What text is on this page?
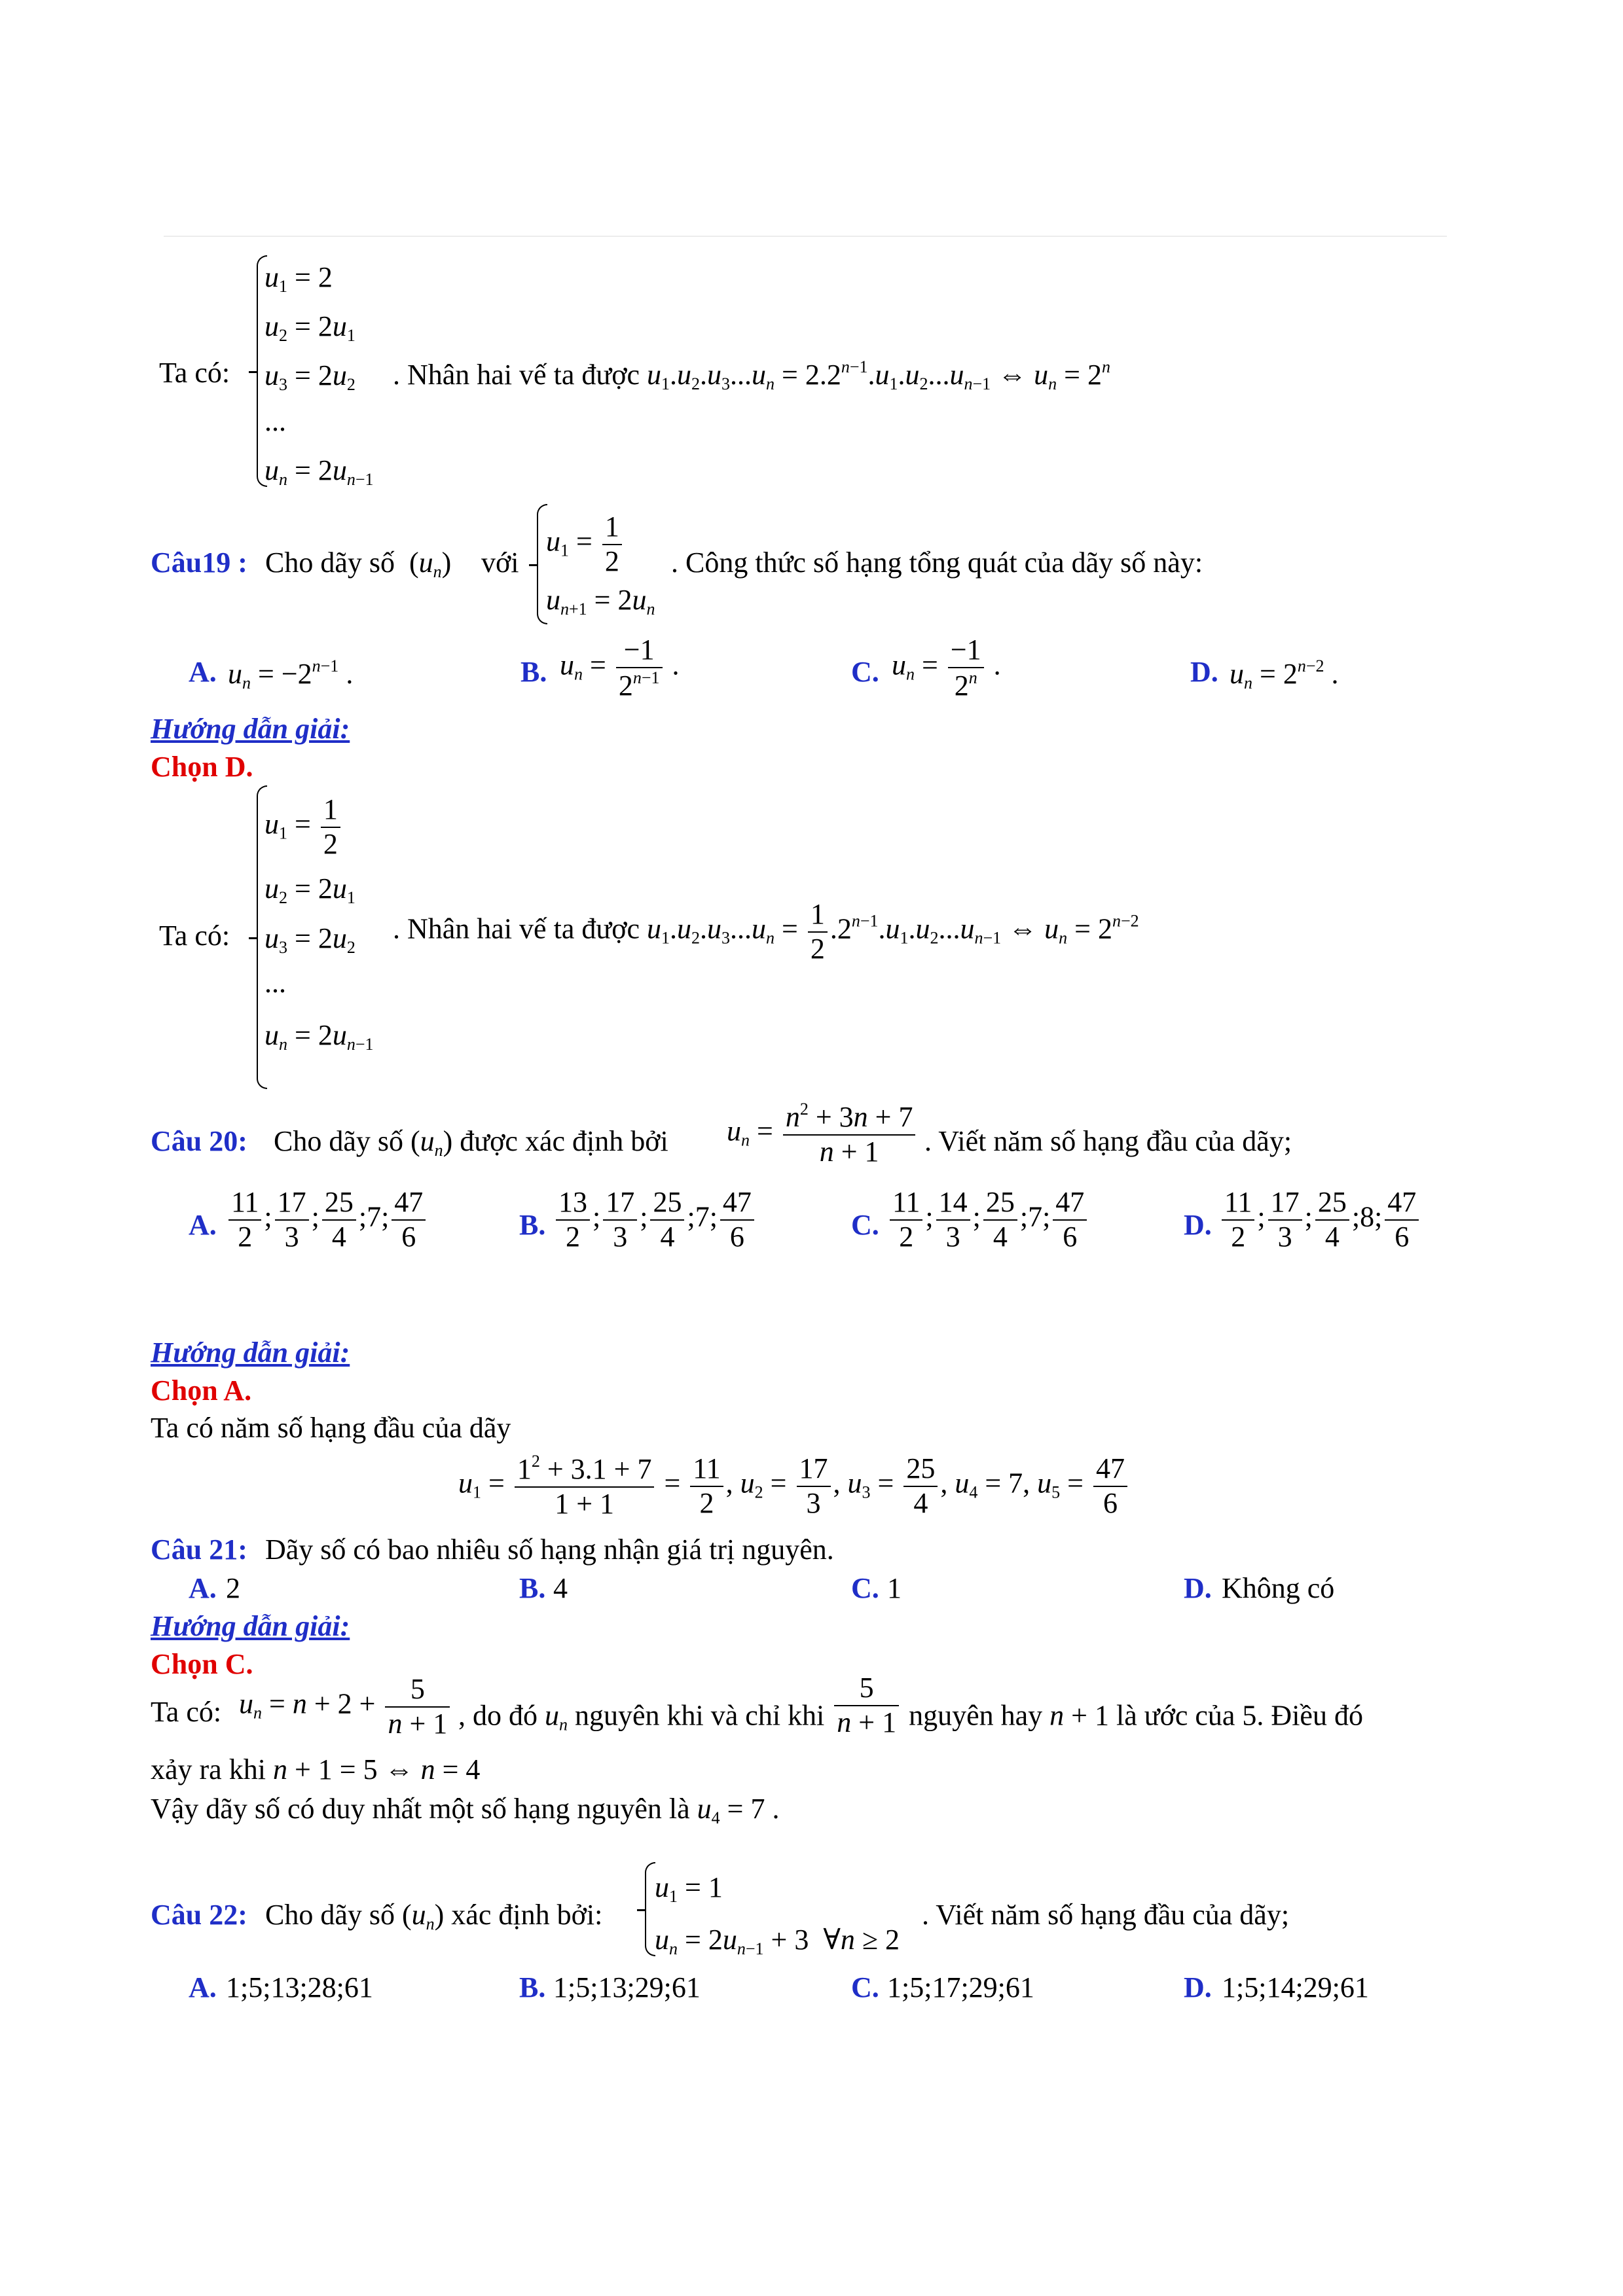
Ta có:
$u_1 = 2$
$u_2 = 2u_1$
$u_3 = 2u_2$
...
$u_n = 2u_{n-1}$
. Nhân hai vế ta được $u_1.u_2.u_3...u_n = 2.2^{n-1}.u_1.u_2...u_{n-1}$ ⇔ $u_n = 2^n$
Câu19 : Cho dãy số $(u_n)$ với
$u_1 = \frac{1}{2}$
$u_{n+1} = 2u_n$
. Công thức số hạng tổng quát của dãy số này:
A. $u_n = -2^{n-1}$ .	B. $u_n = \frac{-1}{2^{n-1}}$ .	C. $u_n = \frac{-1}{2^n}$ .	D. $u_n = 2^{n-2}$ .
Hướng dẫn giải:
Chọn D.
Ta có:
$u_1 = \frac{1}{2}$
$u_2 = 2u_1$
$u_3 = 2u_2$
...
$u_n = 2u_{n-1}$
. Nhân hai vế ta được $u_1.u_2.u_3...u_n = \frac{1}{2} .2^{n-1}.u_1.u_2...u_{n-1}$ ⇔ $u_n = 2^{n-2}$
Câu 20: Cho dãy số $(u_n)$ được xác định bởi $u_n = \frac{n^2 + 3n + 7}{n + 1}$ . Viết năm số hạng đầu của dãy;
A. $\frac{11}{2}$ ; $\frac{17}{3}$ ; $\frac{25}{4}$ ;7; $\frac{47}{6}$	B. $\frac{13}{2}$ ; $\frac{17}{3}$ ; $\frac{25}{4}$ ;7; $\frac{47}{6}$	C. $\frac{11}{2}$ ; $\frac{14}{3}$ ; $\frac{25}{4}$ ;7; $\frac{47}{6}$	D. $\frac{11}{2}$ ; $\frac{17}{3}$ ; $\frac{25}{4}$ ;8; $\frac{47}{6}$
Hướng dẫn giải:
Chọn A.
Ta có năm số hạng đầu của dãy
$u_1 = \frac{1^2 + 3.1 + 7}{1 + 1} = \frac{11}{2}$ , $u_2 = \frac{17}{3}$ , $u_3 = \frac{25}{4}$ , $u_4 = 7$, $u_5 = \frac{47}{6}$
Câu 21: Dãy số có bao nhiêu số hạng nhận giá trị nguyên.
A. 2	B. 4	C. 1	D. Không có
Hướng dẫn giải:
Chọn C.
Ta có: $u_n = n + 2 + \frac{5}{n + 1}$ , do đó $u_n$ nguyên khi và chỉ khi $\frac{5}{n + 1}$ nguyên hay n + 1 là ước của 5. Điều đó
xảy ra khi n + 1 = 5 ⇔ n = 4
Vậy dãy số có duy nhất một số hạng nguyên là $u_4 = 7$ .
Câu 22: Cho dãy số $(u_n)$ xác định bởi:
$u_1 = 1$
$u_n = 2u_{n-1} + 3$  ∀n ≥ 2
. Viết năm số hạng đầu của dãy;
A. 1;5;13;28;61	B. 1;5;13;29;61	C. 1;5;17;29;61	D. 1;5;14;29;61
